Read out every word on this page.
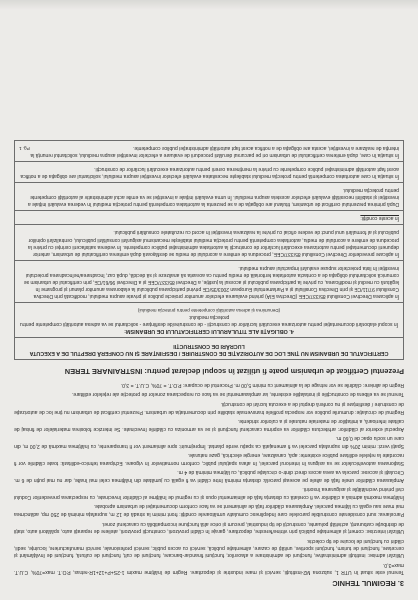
3. REGIMUL TEHNIC

Terenul este situat în UTR 1, subzona M2-instituții, servicii și mare industrie și depozitare. Regim de înălțime maxim 1-2S+P+12+1R-retras, P.O.T. max=70%, C.U.T. max=3,0.

Utilizări admise: instituții administrative, funcțiuni de administrare a afacerilor, funcțiuni financiar-bancare, funcțiuni de cult, funcțiuni de cultură, funcțiuni de învățământ și cercetare, funcțiuni de turism, funcțiuni sportive, unități de cazare, alimentație publică, servicii cu acces public, servicii profesionale, servicii manufacturiere, locuințe, sedii, clădiri cu funcțiuni de locuire de tip colectiv.

Utilizări interzise: comerț și alimentație publică prin vitrine/ferestre, depozitare, garaje în clădiri provizorii, construcții provizorii, ateliere de reparații auto, spălătorii auto, stații de distribuție carburanți, activități poluante, construcții de tip industrial, precum și orice altă funcțiune incompatibilă cu caracterul zonei.

Parcelarea: sunt considerate construibile parcelele care îndeplinesc cumulativ următoarele condiții: front minim la stradă de 12 m, suprafața minimă de 250 mp, adâncimea mai mare sau egală cu lățimea parcelei. Amplasarea clădirilor față de aliniament se va face conform documentației de urbanism aprobate.

Înălțimea maximă admisă a clădirilor va fi corelată cu distanța față de aliniamentul opus și cu regimul de înălțime al clădirilor învecinate, cu respectarea prevederilor Codului civil privind vecinătățile și asigurarea însoririi.

Amplasarea clădirilor unele față de altele pe aceeași parcelă: distanța minimă între clădiri va fi egală cu jumătate din înălțimea celei mai înalte, dar nu mai puțin de 6 m. Circulații și accese: parcela va avea acces direct dintr-o circulație publică, cu lățimea minimă de 4 m.

Staționarea autovehiculelor se va asigura în interiorul parcelei, în afara spațiului public, conform normativelor în vigoare. Echiparea tehnico-edilitară: toate clădirile vor fi racordate la rețelele edilitare publice existente: apă, canalizare, energie electrică, gaze naturale.

Spații verzi: minim 20% din suprafața parcelei va fi amenajată ca spațiu verde plantat. Împrejmuiri: spre aliniament vor fi transparente, cu înălțimea maximă de 2,00 m, din care un soclu opac de 0,60 m.

Aspectul exterior al clădirilor: arhitectura clădirilor va exprima caracterul funcțiunii și se va armoniza cu clădirile învecinate. Se interzice folosirea materialelor de finisaj de calitate inferioară, a imitațiilor de materiale naturale și a culorilor stridente.

Regimul de circulație: drumurile publice vor respecta profilele transversale stabilite prin documentația de urbanism. Prezentul certificat de urbanism nu ține loc de autorizație de construire / desființare și nu conferă dreptul de a executa lucrări de construcții.

Terenul se va elibera de construcțiile și instalațiile existente, iar amplasamentul se va face cu respectarea zonelor de protecție ale rețelelor edilitare.

Regim de aliniere: clădirile se vor retrage de la aliniament cu minim 5,00 m. Procentul de ocupare: P.O.T. = 70%, C.U.T. = 3,0.

Prezentul Certificat de urbanism poate fi utilizat în scopul declarat pentru: INSTRAINARE TEREN
CERTIFICATUL DE URBANISM NU ȚINE LOC DE AUTORIZAȚIE DE CONSTRUIRE / DESFIINȚARE ȘI NU CONFERĂ DREPTUL DE A EXECUTA LUCRĂRI DE CONSTRUCȚII
4. OBLIGAȚII ALE TITULARULUI CERTIFICATULUI DE URBANISM:
În scopul elaborării documentației pentru autorizarea executării lucrărilor de construcții - de construire/de desființare - solicitantul se va adresa autorității competente pentru protecția mediului:
(Denumirea și adresa autorității competente pentru protecția mediului)
În aplicarea Directivei Consiliului 85/337/CEE (Directiva EIA) privind evaluarea efectelor anumitor proiecte publice și private asupra mediului, modificată prin Directiva Consiliului 97/11/CE și prin Directiva Consiliului și a Parlamentului European 2003/35/CE privind participarea publicului la elaborarea anumitor planuri și programe în legătură cu mediul și modificarea, cu privire la participarea publicului și accesul la justiție, a Directivei 85/337/CEE și a Directivei 96/61/CE, prin certificatul de urbanism se comunică solicitantului obligația de a contacta autoritatea teritorială de mediu pentru ca aceasta să analizeze și să decidă, după caz, încadrarea/neîncadrarea proiectului investiției în lista proiectelor supuse evaluării impactului asupra mediului.
În aplicare prevederilor Directivei Consiliului 85/337/CEE, procedura de emitere a acordului de mediu se desfășoară după emiterea certificatului de urbanism, anterior depunerii documentației pentru autorizarea executării lucrărilor de construcții la autoritatea administrației publice competente. În vederea satisfacerii cerinței cu privire la procedura de emitere a acordului de mediu, autoritatea competentă pentru protecția mediului stabilește mecanismul asigurării consultării publicului, centralizării opiniilor publicului și al formulării unui punct de vedere oficial cu privire la realizarea investiției în acord cu rezultatele consultării publicului.
În aceste condiții:
După primirea prezentului certificat de urbanism, titularul are obligația de a se prezenta la autoritatea competentă pentru protecția mediului în vederea evaluării inițiale a investiției și stabilirii necesității evaluării efectelor acesteia asupra mediului. În urma evaluării inițiale a investiției se va emite actul administrativ al autorității competente pentru protecția mediului.
În situația în care autoritatea competentă pentru protecția mediului stabilește necesitatea evaluării efectelor investiției asupra mediului, solicitantul are obligația de a notifica acest fapt autorității administrației publice competente cu privire la menținerea cererii pentru autorizarea executării lucrărilor de construcții.
În situația în care, după emiterea certificatului de urbanism ori pe parcursul derulării procedurii de evaluare a efectelor investiției asupra mediului, solicitantul renunță la intenția de realizare a investiției, acesta are obligația de a notifica acest fapt autorității administrației publice competente.
Pg. 1
